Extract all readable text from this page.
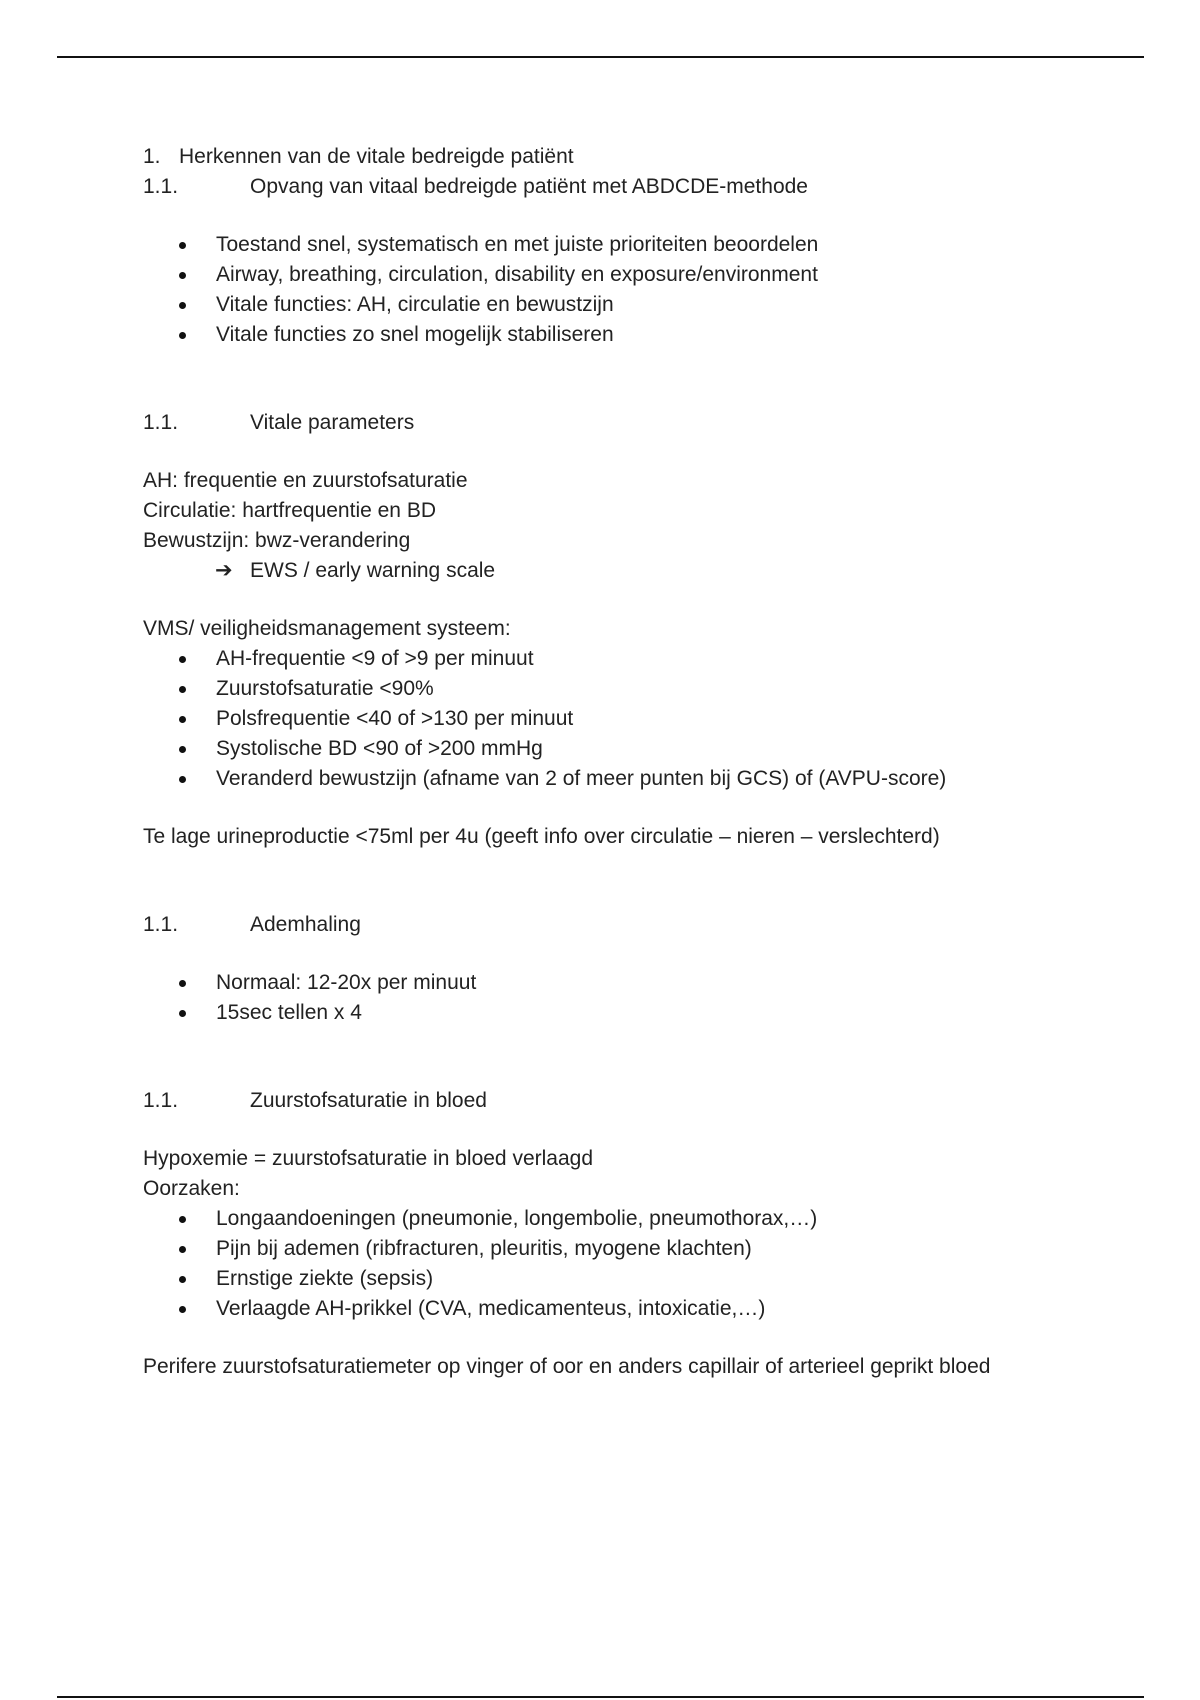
1. Herkennen van de vitale bedreigde patiënt
1.1.	Opvang van vitaal bedreigde patiënt met ABDCDE-methode
Toestand snel, systematisch en met juiste prioriteiten beoordelen
Airway, breathing, circulation, disability en exposure/environment
Vitale functies: AH, circulatie en bewustzijn
Vitale functies zo snel mogelijk stabiliseren
1.1.	Vitale parameters

AH: frequentie en zuurstofsaturatie

Circulatie: hartfrequentie en BD

Bewustzijn: bwz-verandering

➔ EWS / early warning scale

VMS/ veiligheidsmanagement systeem:

AH-frequentie <9 of >9 per minuut
Zuurstofsaturatie <90%
Polsfrequentie <40 of >130 per minuut
Systolische BD <90 of >200 mmHg
Veranderd bewustzijn (afname van 2 of meer punten bij GCS) of (AVPU-score)

Te lage urineproductie <75ml per 4u (geeft info over circulatie – nieren – verslechterd)

1.1.	Ademhaling
Normaal: 12-20x per minuut
15sec tellen x 4
1.1.	Zuurstofsaturatie in bloed

Hypoxemie = zuurstofsaturatie in bloed verlaagd

Oorzaken:

Longaandoeningen (pneumonie, longembolie, pneumothorax,…)
Pijn bij ademen (ribfracturen, pleuritis, myogene klachten)
Ernstige ziekte (sepsis)
Verlaagde AH-prikkel (CVA, medicamenteus, intoxicatie,…)

Perifere zuurstofsaturatiemeter op vinger of oor en anders capillair of arterieel geprikt bloed
